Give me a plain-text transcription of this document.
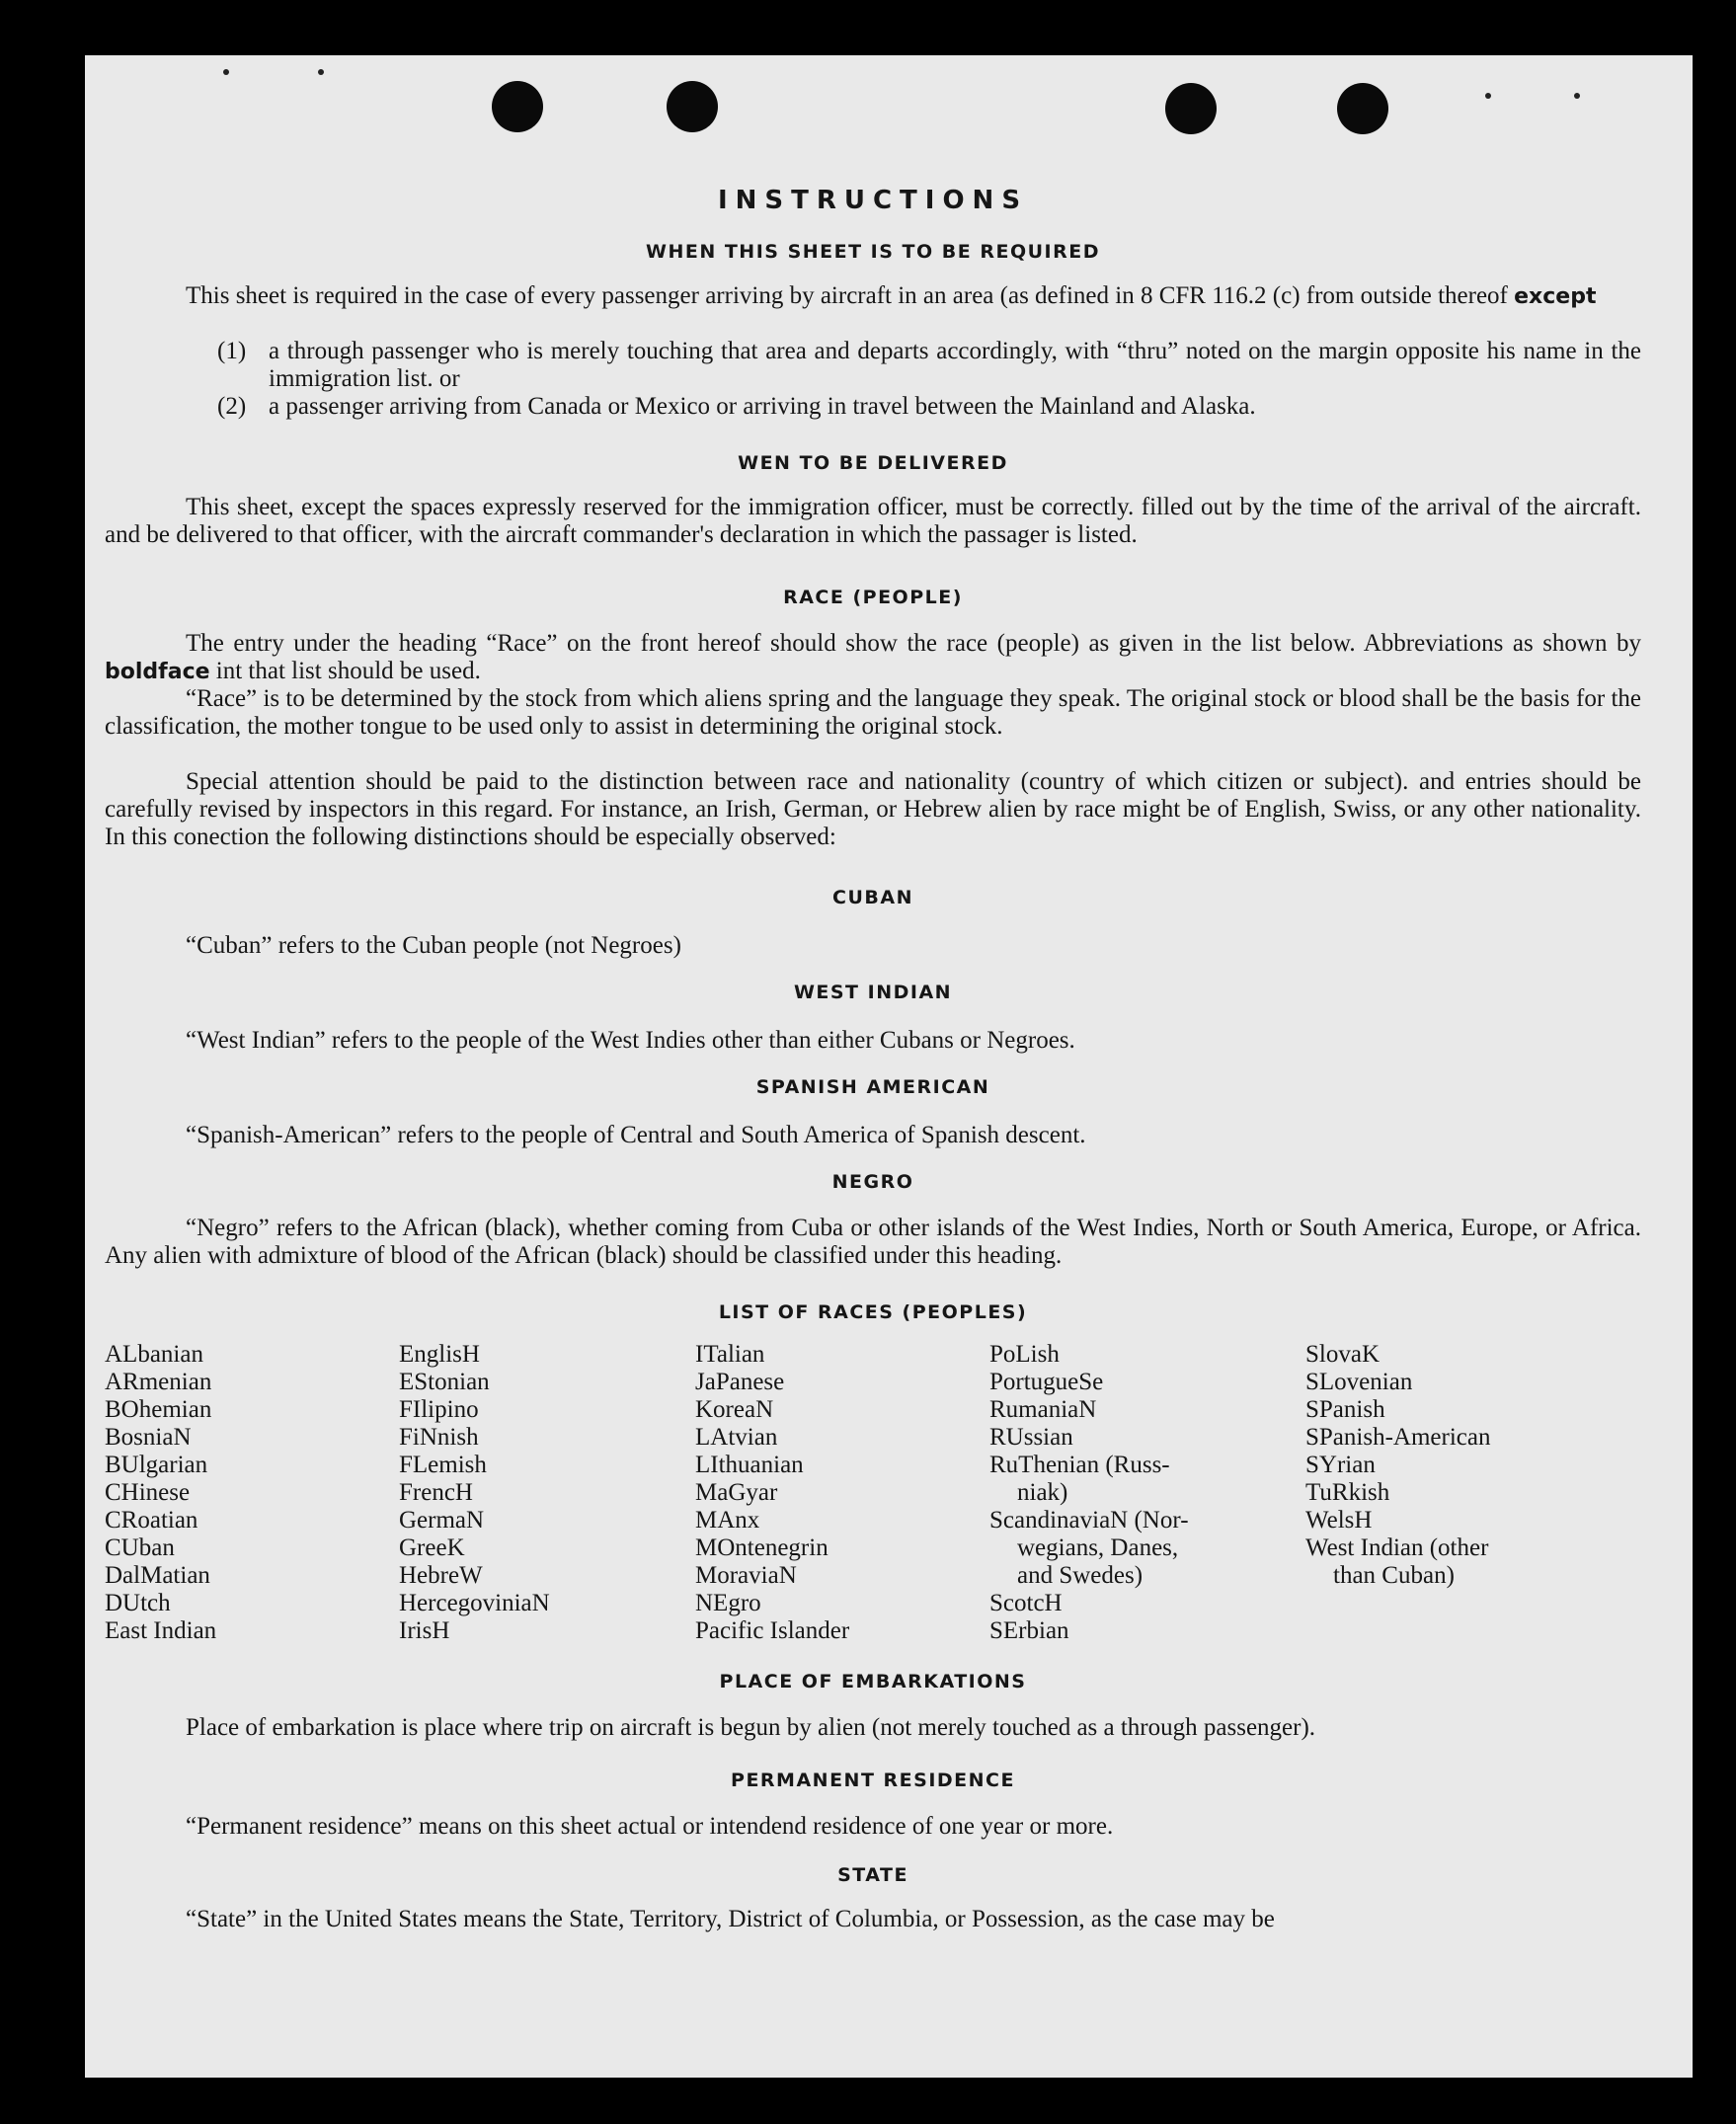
INSTRUCTIONS
WHEN THIS SHEET IS TO BE REQUIRED
This sheet is required in the case of every passenger arriving by aircraft in an area (as defined in 8 CFR 116.2 (c) from outside thereof except
(1) a through passenger who is merely touching that area and departs accordingly, with “thru” noted on the margin opposite his name in the immigration list. or
(2) a passenger arriving from Canada or Mexico or arriving in travel between the Mainland and Alaska.
WEN TO BE DELIVERED
This sheet, except the spaces expressly reserved for the immigration officer, must be correctly. filled out by the time of the arrival of the aircraft. and be delivered to that officer, with the aircraft commander's declaration in which the passager is listed.
RACE (PEOPLE)
The entry under the heading “Race” on the front hereof should show the race (people) as given in the list below. Abbreviations as shown by boldface int that list should be used.
“Race” is to be determined by the stock from which aliens spring and the language they speak. The original stock or blood shall be the basis for the classification, the mother tongue to be used only to assist in determining the original stock.
Special attention should be paid to the distinction between race and nationality (country of which citizen or subject). and entries should be carefully revised by inspectors in this regard. For instance, an Irish, German, or Hebrew alien by race might be of English, Swiss, or any other nationality. In this conection the following distinctions should be especially observed:
CUBAN
“Cuban” refers to the Cuban people (not Negroes)
WEST INDIAN
“West Indian” refers to the people of the West Indies other than either Cubans or Negroes.
SPANISH AMERICAN
“Spanish-American” refers to the people of Central and South America of Spanish descent.
NEGRO
“Negro” refers to the African (black), whether coming from Cuba or other islands of the West Indies, North or South America, Europe, or Africa. Any alien with admixture of blood of the African (black) should be classified under this heading.
LIST OF RACES (PEOPLES)
ALbanian
ARmenian
BOhemian
BosniaN
BUlgarian
CHinese
CRoatian
CUban
DalMatian
DUtch
East Indian
EnglisH
EStonian
FIlipino
FiNnish
FLemish
FrencH
GermaN
GreeK
HebreW
HercegoviniaN
IrisH
ITalian
JaPanese
KoreaN
LAtvian
LIthuanian
MaGyar
MAnx
MOntenegrin
MoraviaN
NEgro
Pacific Islander
PoLish
PortugueSe
RumaniaN
RUssian
RuThenian (Russ-
niak)
ScandinaviaN (Nor-
wegians, Danes,
and Swedes)
ScotcH
SErbian
SlovaK
SLovenian
SPanish
SPanish-American
SYrian
TuRkish
WelsH
West Indian (other
than Cuban)
PLACE OF EMBARKATIONS
Place of embarkation is place where trip on aircraft is begun by alien (not merely touched as a through passenger).
PERMANENT RESIDENCE
“Permanent residence” means on this sheet actual or intendend residence of one year or more.
STATE
“State” in the United States means the State, Territory, District of Columbia, or Possession, as the case may be
